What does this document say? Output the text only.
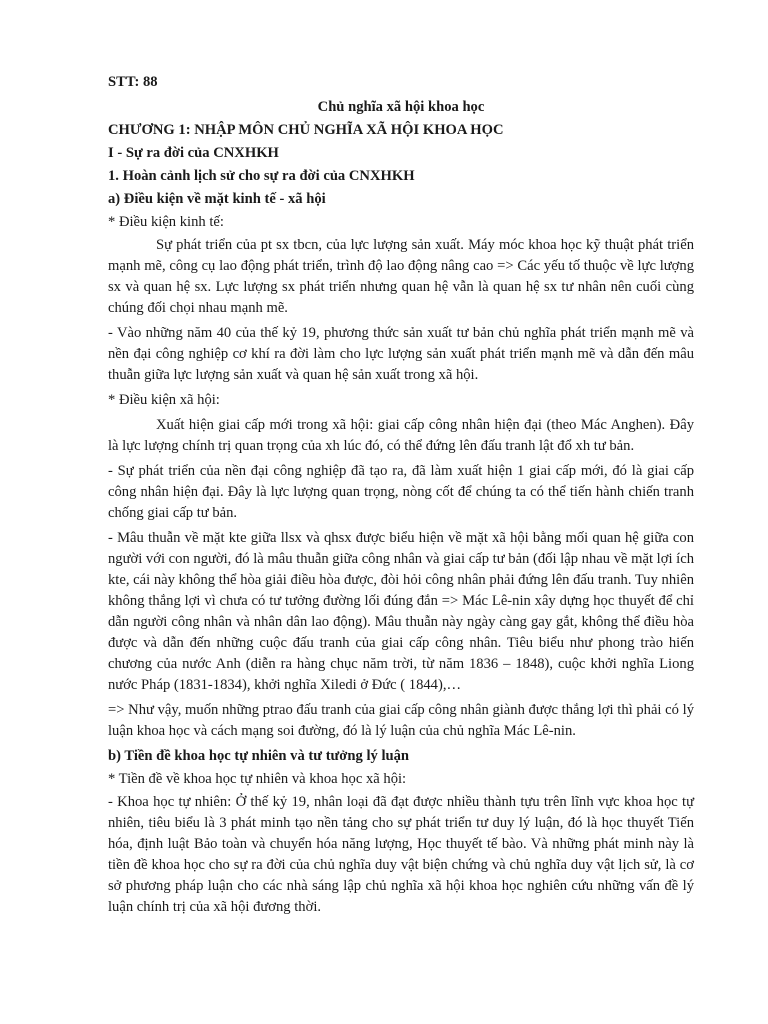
STT: 88

Chủ nghĩa xã hội khoa học

CHƯƠNG 1: NHẬP MÔN CHỦ NGHĨA XÃ HỘI KHOA HỌC

I - Sự ra đời của CNXHKH

1. Hoàn cảnh lịch sử cho sự ra đời của CNXHKH

a) Điều kiện về mặt kinh tế - xã hội

* Điều kiện kinh tế:

Sự phát triển của pt sx tbcn, của lực lượng sản xuất. Máy móc khoa học kỹ thuật phát triển mạnh mẽ, công cụ lao động phát triển, trình độ lao động nâng cao => Các yếu tố thuộc về lực lượng sx và quan hệ sx. Lực lượng sx phát triển nhưng quan hệ vẫn là quan hệ sx tư nhân nên cuối cùng chúng đối chọi nhau mạnh mẽ.

- Vào những năm 40 của thế kỷ 19, phương thức sản xuất tư bản chủ nghĩa phát triển mạnh mẽ và nền đại công nghiệp cơ khí ra đời làm cho lực lượng sản xuất phát triển mạnh mẽ và dẫn đến mâu thuẫn giữa lực lượng sản xuất và quan hệ sản xuất trong xã hội.

* Điều kiện xã hội:

Xuất hiện giai cấp mới trong xã hội: giai cấp công nhân hiện đại (theo Mác Anghen). Đây là lực lượng chính trị quan trọng của xh lúc đó, có thể đứng lên đấu tranh lật đổ xh tư bản.

- Sự phát triển của nền đại công nghiệp đã tạo ra, đã làm xuất hiện 1 giai cấp mới, đó là giai cấp công nhân hiện đại. Đây là lực lượng quan trọng, nòng cốt để chúng ta có thể tiến hành chiến tranh chống giai cấp tư bản.

- Mâu thuẫn về mặt kte giữa llsx và qhsx được biểu hiện về mặt xã hội bằng mối quan hệ giữa con người với con người, đó là mâu thuẫn giữa công nhân và giai cấp tư bản (đối lập nhau về mặt lợi ích kte, cái này không thể hòa giải điều hòa được, đòi hỏi công nhân phải đứng lên đấu tranh. Tuy nhiên không thắng lợi vì chưa có tư tưởng đường lối đúng đắn => Mác Lê-nin xây dựng học thuyết để chỉ dẫn người công nhân và nhân dân lao động). Mâu thuẫn này ngày càng gay gắt, không thể điều hòa được và dẫn đến những cuộc đấu tranh của giai cấp công nhân. Tiêu biểu như phong trào hiến chương của nước Anh (diễn ra hàng chục năm trời, từ năm 1836 – 1848), cuộc khởi nghĩa Liong nước Pháp (1831-1834), khởi nghĩa Xiledi ở Đức ( 1844),…

=> Như vậy, muốn những ptrao đấu tranh của giai cấp công nhân giành được thắng lợi thì phải có lý luận khoa học và cách mạng soi đường, đó là lý luận của chủ nghĩa Mác Lê-nin.

b) Tiền đề khoa học tự nhiên và tư tưởng lý luận

* Tiền đề về khoa học tự nhiên và khoa học xã hội:

- Khoa học tự nhiên: Ở thế kỷ 19, nhân loại đã đạt được nhiều thành tựu trên lĩnh vực khoa học tự nhiên, tiêu biểu là 3 phát minh tạo nền tảng cho sự phát triển tư duy lý luận, đó là học thuyết Tiến hóa, định luật Bảo toàn và chuyển hóa năng lượng, Học thuyết tế bào. Và những phát minh này là tiền đề khoa học cho sự ra đời của chủ nghĩa duy vật biện chứng và chủ nghĩa duy vật lịch sử, là cơ sở phương pháp luận cho các nhà sáng lập chủ nghĩa xã hội khoa học nghiên cứu những vấn đề lý luận chính trị của xã hội đương thời.
